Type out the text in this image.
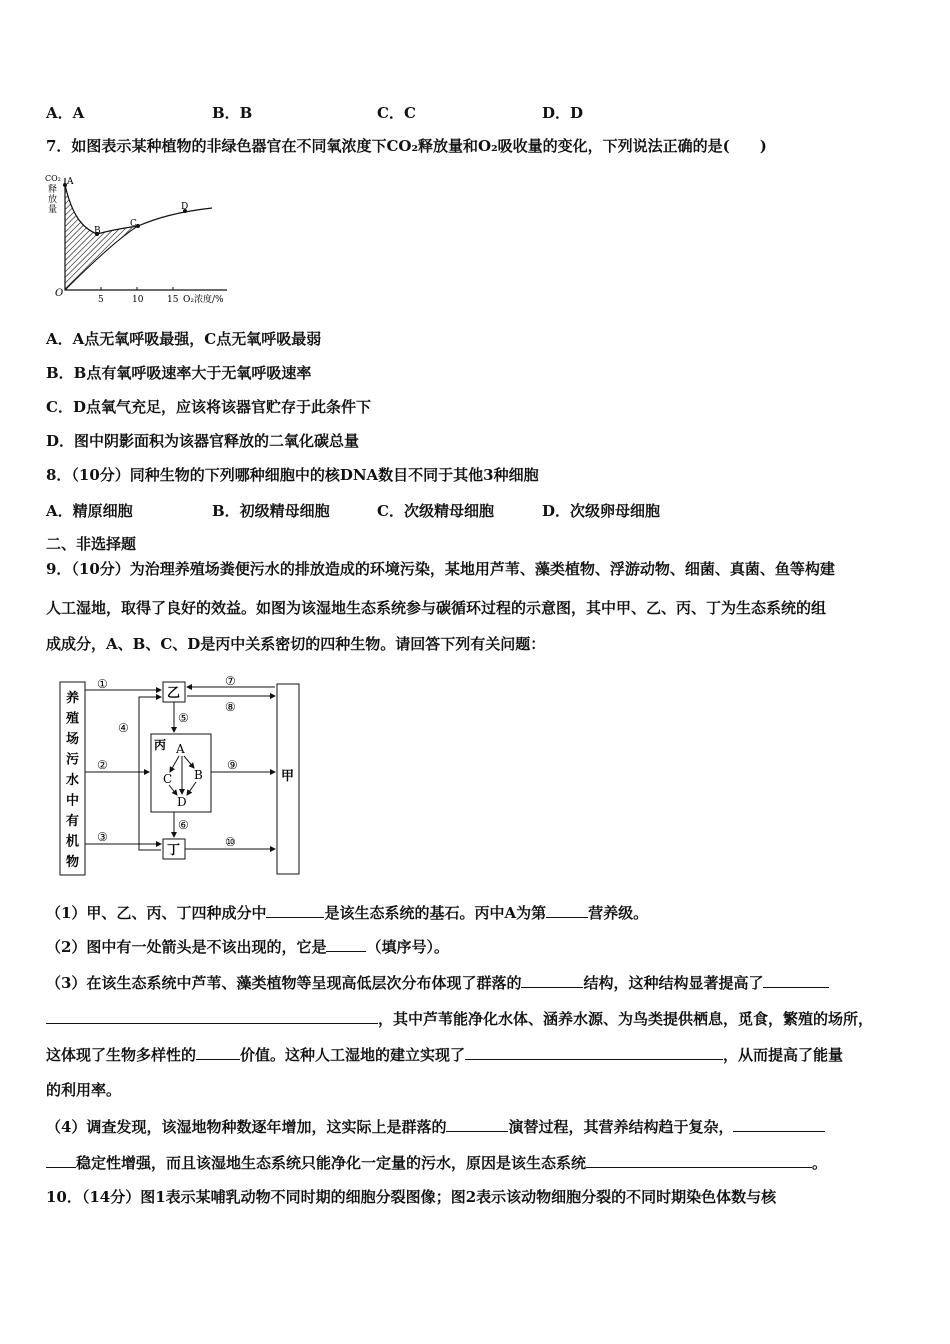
A．A	B．B	C．C	D．D
7．如图表示某种植物的非绿色器官在不同氧浓度下CO₂释放量和O₂吸收量的变化，下列说法正确的是(　　)
CO₂
释
放
量
A
B
C
D
O
5	10	15 O₂浓度/%
A．A点无氧呼吸最强，C点无氧呼吸最弱
B．B点有氧呼吸速率大于无氧呼吸速率
C．D点氧气充足，应该将该器官贮存于此条件下
D．图中阴影面积为该器官释放的二氧化碳总量
8．（10分）同种生物的下列哪种细胞中的核DNA数目不同于其他3种细胞
A．精原细胞	B．初级精母细胞	C．次级精母细胞	D．次级卵母细胞
二、非选择题
9．（10分）为治理养殖场粪便污水的排放造成的环境污染，某地用芦苇、藻类植物、浮游动物、细菌、真菌、鱼等构建
人工湿地，取得了良好的效益。如图为该湿地生态系统参与碳循环过程的示意图，其中甲、乙、丙、丁为生态系统的组
成成分，A、B、C、D是丙中关系密切的四种生物。请回答下列有关问题：
养
殖
场
污
水
中
有
机
物
乙
丙 A
C B
D
丁
甲
①
②
③
④
⑤
⑥
⑦
⑧
⑨
⑩
（1）甲、乙、丙、丁四种成分中	是该生态系统的基石。丙中A为第	营养级。
（2）图中有一处箭头是不该出现的，它是	（填序号）。
（3）在该生态系统中芦苇、藻类植物等呈现高低层次分布体现了群落的	结构，这种结构显著提高了
，其中芦苇能净化水体、涵养水源、为鸟类提供栖息，觅食，繁殖的场所，
这体现了生物多样性的	价值。这种人工湿地的建立实现了	，从而提高了能量
的利用率。
（4）调查发现，该湿地物种数逐年增加，这实际上是群落的	演替过程，其营养结构趋于复杂，
稳定性增强，而且该湿地生态系统只能净化一定量的污水，原因是该生态系统	。
10．（14分）图1表示某哺乳动物不同时期的细胞分裂图像；图2表示该动物细胞分裂的不同时期染色体数与核
